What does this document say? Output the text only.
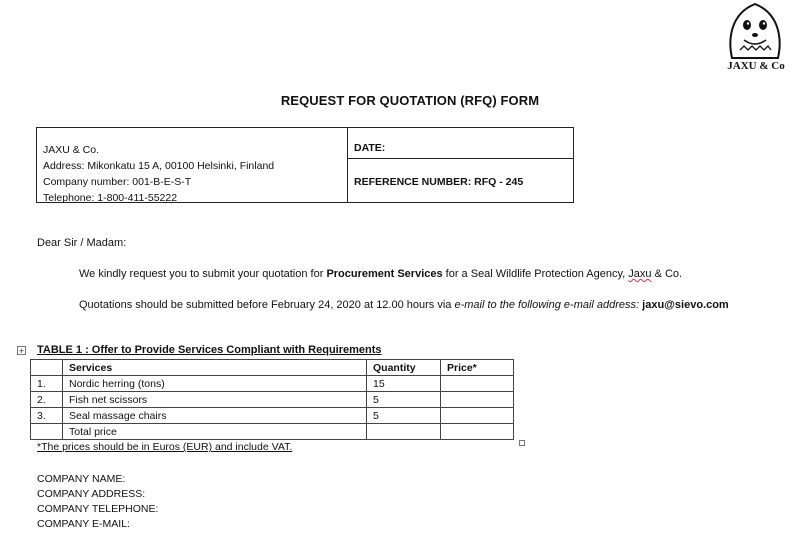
JAXU & Co
REQUEST FOR QUOTATION (RFQ) FORM
JAXU & Co.
Address: Mikonkatu 15 A, 00100 Helsinki, Finland
Company number: 001-B-E-S-T
Telephone: 1-800-411-55222
DATE:
REFERENCE NUMBER: RFQ - 245
Dear Sir / Madam:
We kindly request you to submit your quotation for Procurement Services for a Seal Wildlife Protection Agency, Jaxu & Co.
Quotations should be submitted before February 24, 2020 at 12.00 hours via e-mail to the following e-mail address: jaxu@sievo.com
+ TABLE 1 : Offer to Provide Services Compliant with Requirements
	Services	Quantity	Price*
1.	Nordic herring (tons)	15	
2.	Fish net scissors	5	
3.	Seal massage chairs	5	
	Total price		
*The prices should be in Euros (EUR) and include VAT.
COMPANY NAME:
COMPANY ADDRESS:
COMPANY TELEPHONE:
COMPANY E-MAIL:
